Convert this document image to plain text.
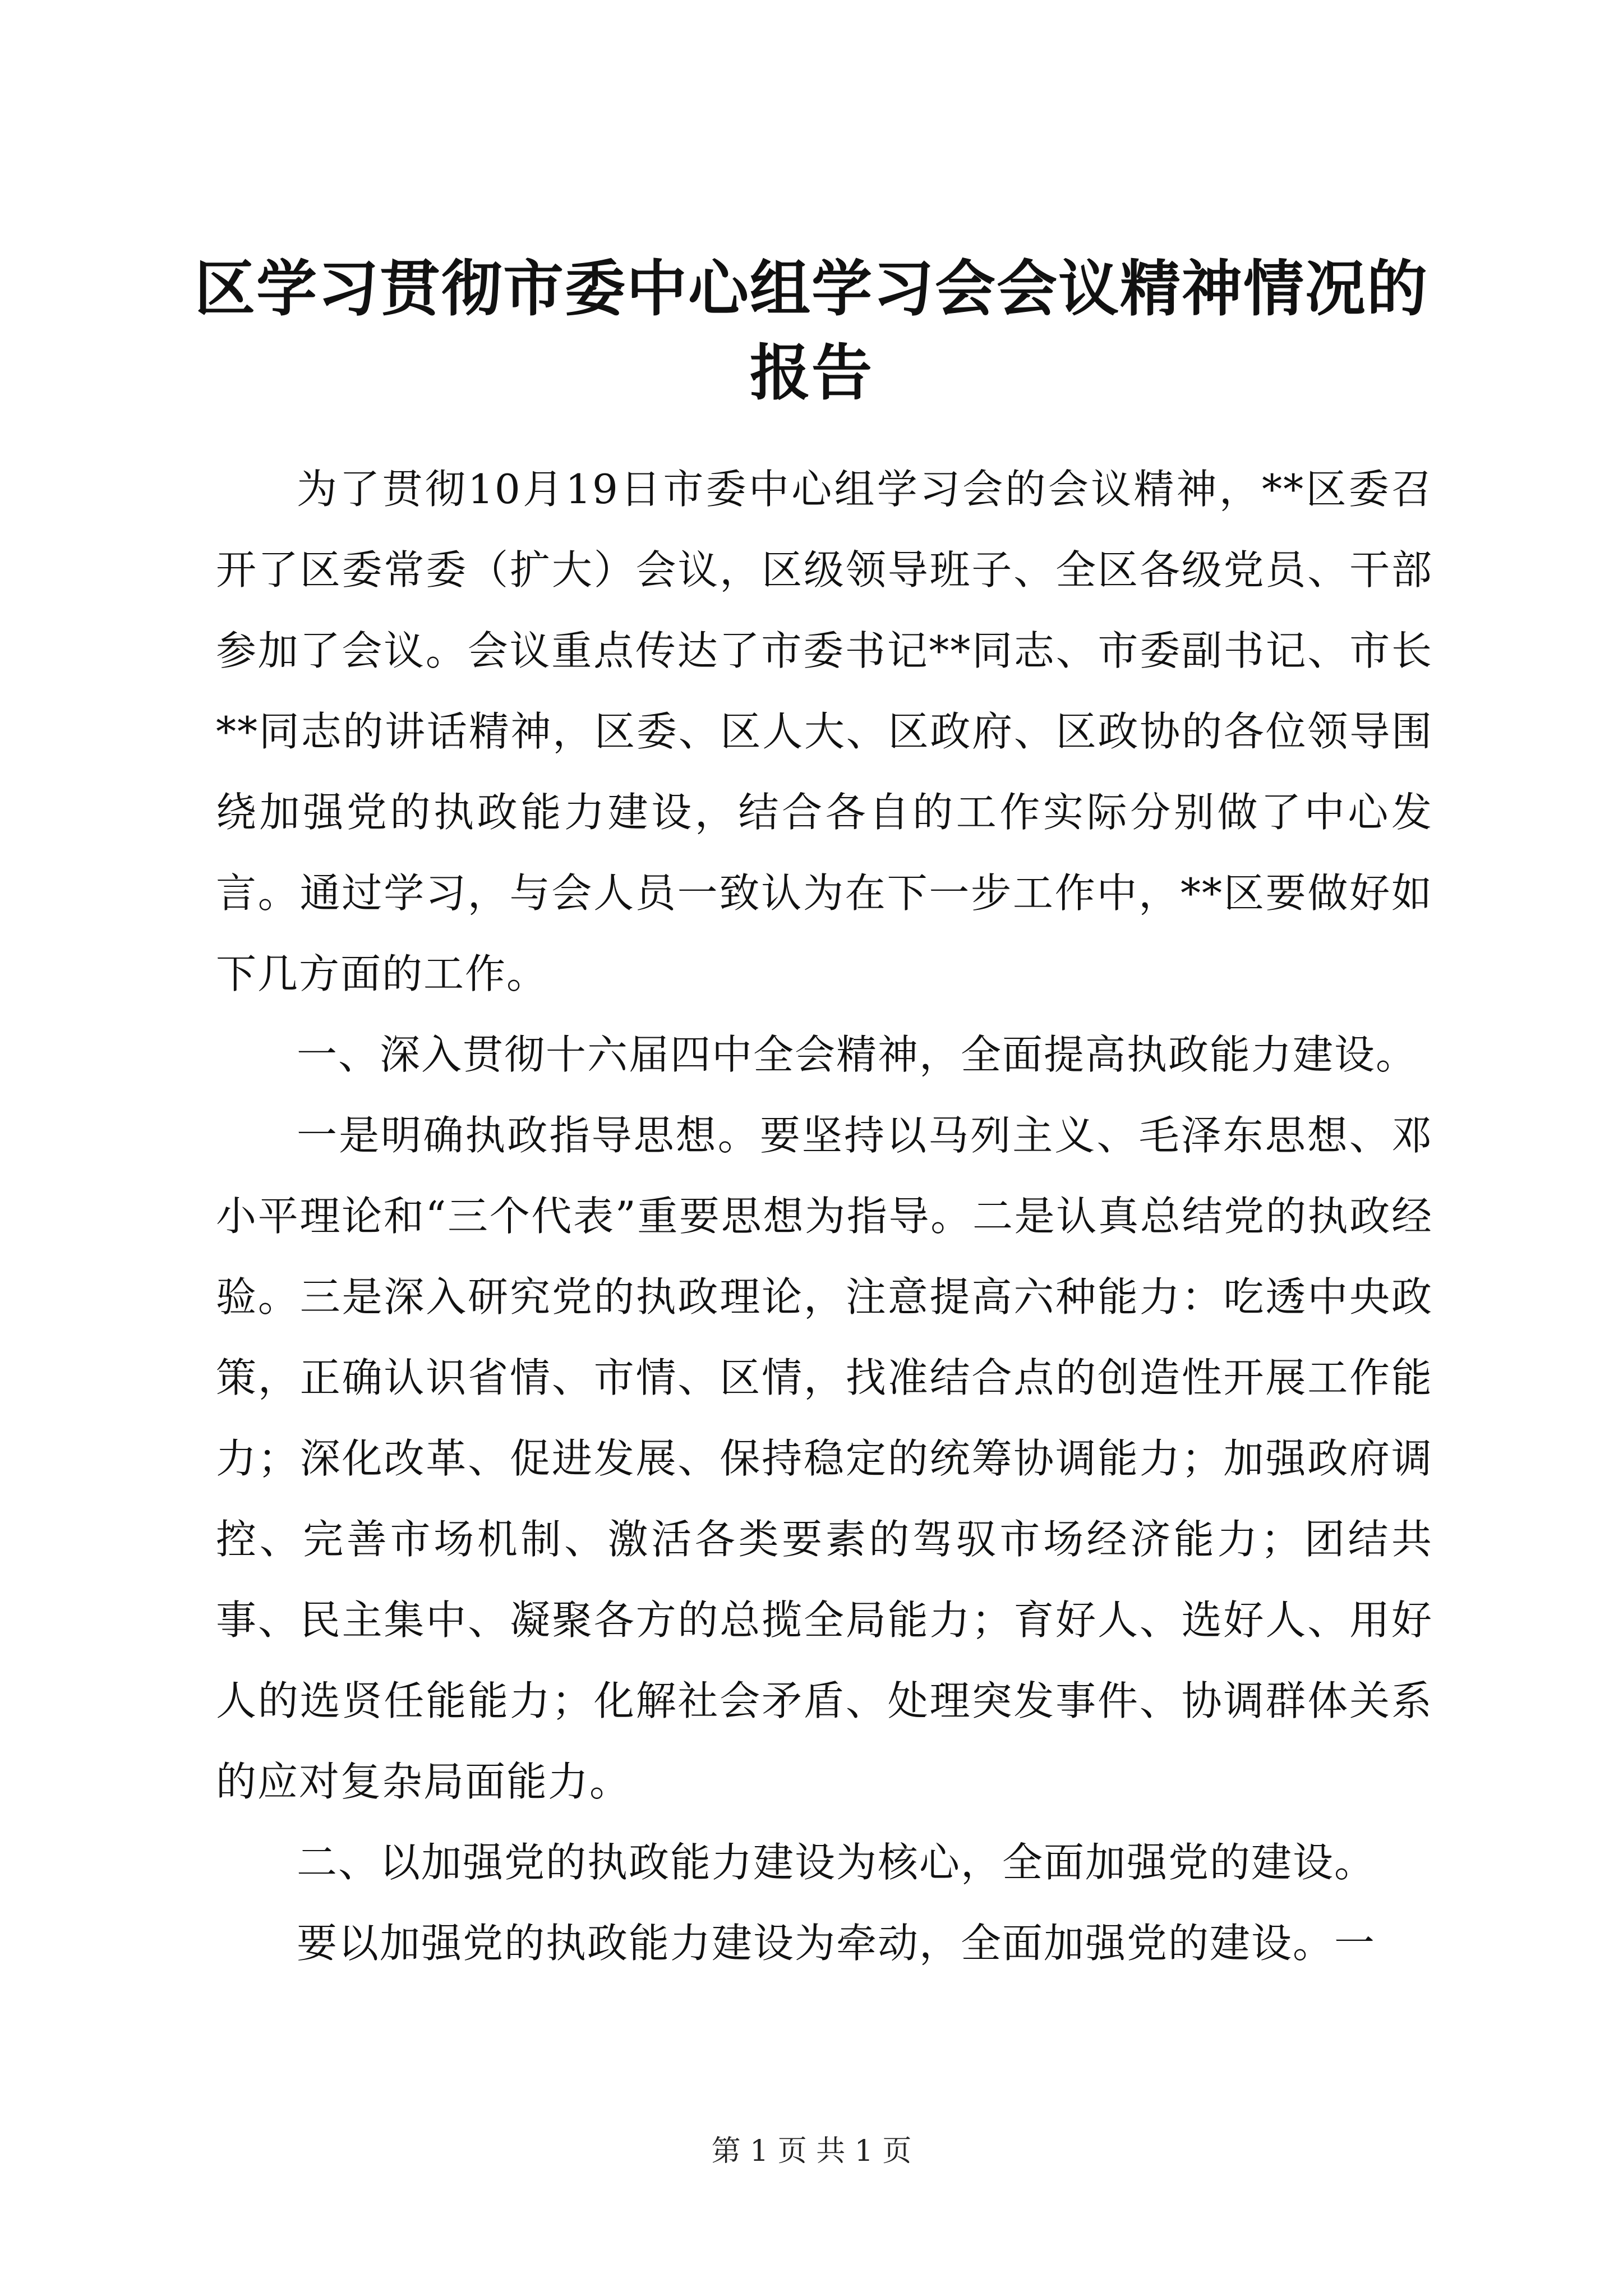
区学习贯彻市委中心组学习会会议精神情况的
报告

为了贯彻10月19日市委中心组学习会的会议精神，**区委召开了区委常委（扩大）会议，区级领导班子、全区各级党员、干部参加了会议。会议重点传达了市委书记**同志、市委副书记、市长**同志的讲话精神，区委、区人大、区政府、区政协的各位领导围绕加强党的执政能力建设，结合各自的工作实际分别做了中心发言。通过学习，与会人员一致认为在下一步工作中，**区要做好如下几方面的工作。

一、深入贯彻十六届四中全会精神，全面提高执政能力建设。

一是明确执政指导思想。要坚持以马列主义、毛泽东思想、邓小平理论和“三个代表”重要思想为指导。二是认真总结党的执政经验。三是深入研究党的执政理论，注意提高六种能力：吃透中央政策，正确认识省情、市情、区情，找准结合点的创造性开展工作能力；深化改革、促进发展、保持稳定的统筹协调能力；加强政府调控、完善市场机制、激活各类要素的驾驭市场经济能力；团结共事、民主集中、凝聚各方的总揽全局能力；育好人、选好人、用好人的选贤任能能力；化解社会矛盾、处理突发事件、协调群体关系的应对复杂局面能力。

二、以加强党的执政能力建设为核心，全面加强党的建设。

要以加强党的执政能力建设为牵动，全面加强党的建设。一

第 1 页 共 1 页
